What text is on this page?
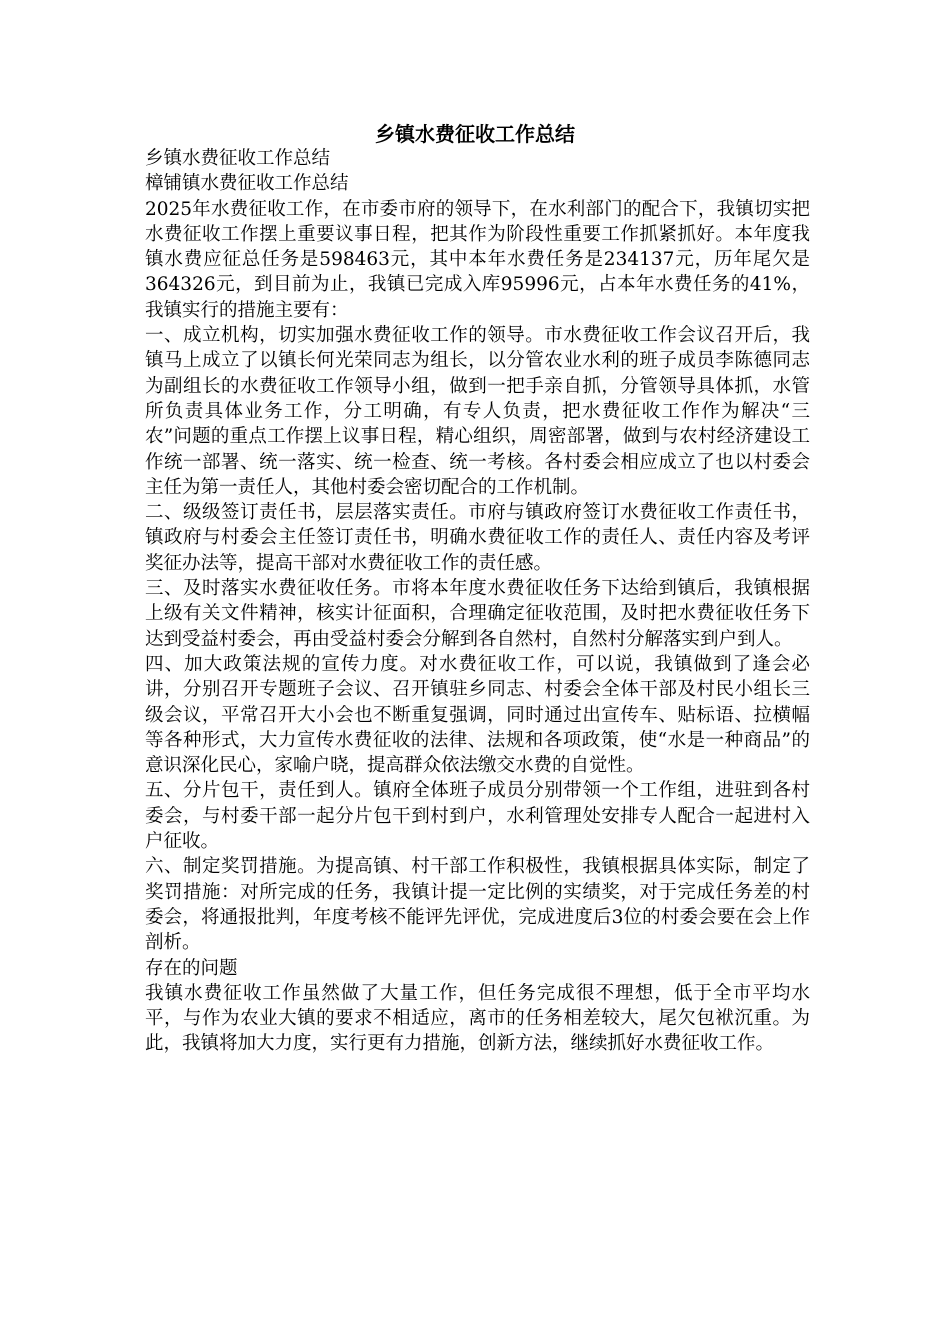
乡镇水费征收工作总结

乡镇水费征收工作总结

樟铺镇水费征收工作总结

2025年水费征收工作，在市委市府的领导下，在水利部门的配合下，我镇切实把水费征收工作摆上重要议事日程，把其作为阶段性重要工作抓紧抓好。本年度我镇水费应征总任务是598463元，其中本年水费任务是234137元，历年尾欠是364326元，到目前为止，我镇已完成入库95996元，占本年水费任务的41%，我镇实行的措施主要有：

一、成立机构，切实加强水费征收工作的领导。市水费征收工作会议召开后，我镇马上成立了以镇长何光荣同志为组长，以分管农业水利的班子成员李陈德同志为副组长的水费征收工作领导小组，做到一把手亲自抓，分管领导具体抓，水管所负责具体业务工作，分工明确，有专人负责，把水费征收工作作为解决“三农”问题的重点工作摆上议事日程，精心组织，周密部署，做到与农村经济建设工作统一部署、统一落实、统一检查、统一考核。各村委会相应成立了也以村委会主任为第一责任人，其他村委会密切配合的工作机制。

二、级级签订责任书，层层落实责任。市府与镇政府签订水费征收工作责任书，镇政府与村委会主任签订责任书，明确水费征收工作的责任人、责任内容及考评奖征办法等，提高干部对水费征收工作的责任感。

三、及时落实水费征收任务。市将本年度水费征收任务下达给到镇后，我镇根据上级有关文件精神，核实计征面积，合理确定征收范围，及时把水费征收任务下达到受益村委会，再由受益村委会分解到各自然村，自然村分解落实到户到人。

四、加大政策法规的宣传力度。对水费征收工作，可以说，我镇做到了逢会必讲，分别召开专题班子会议、召开镇驻乡同志、村委会全体干部及村民小组长三级会议，平常召开大小会也不断重复强调，同时通过出宣传车、贴标语、拉横幅等各种形式，大力宣传水费征收的法律、法规和各项政策，使“水是一种商品”的意识深化民心，家喻户晓，提高群众依法缴交水费的自觉性。

五、分片包干，责任到人。镇府全体班子成员分别带领一个工作组，进驻到各村委会，与村委干部一起分片包干到村到户，水利管理处安排专人配合一起进村入户征收。

六、制定奖罚措施。为提高镇、村干部工作积极性，我镇根据具体实际，制定了奖罚措施：对所完成的任务，我镇计提一定比例的实绩奖，对于完成任务差的村委会，将通报批判，年度考核不能评先评优，完成进度后3位的村委会要在会上作剖析。

存在的问题

我镇水费征收工作虽然做了大量工作，但任务完成很不理想，低于全市平均水平，与作为农业大镇的要求不相适应，离市的任务相差较大，尾欠包袱沉重。为此，我镇将加大力度，实行更有力措施，创新方法，继续抓好水费征收工作。
